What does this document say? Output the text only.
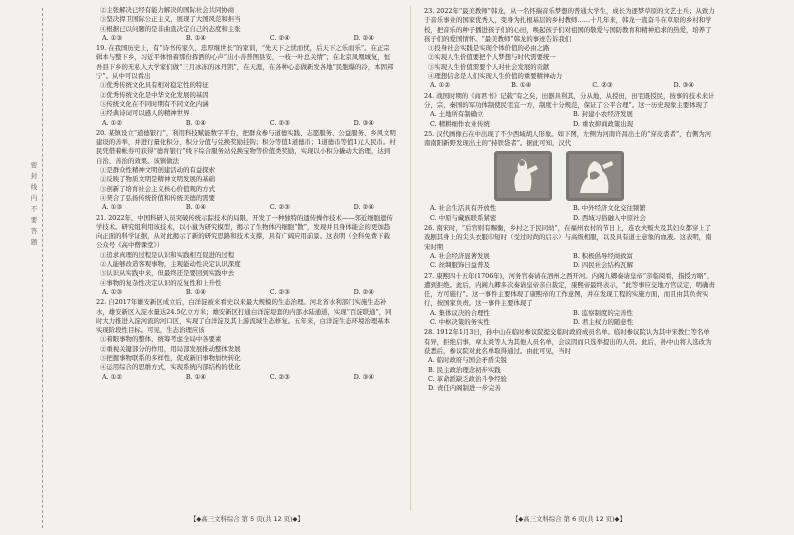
密
封
线
内
不
要
答
题

②主张解决已经有能力解决的国际社会共同协商

③坚决捍卫国际公正主义，展现了大国风范和担当

④根据已以问题的是非曲直决定自己的态度和主张

A. ①③	B. ①④	C. ②④	D. ②④

19. 在我国历史上，有“诗书传家久，忠厚继世长”的家训，“先天下之忧而忧，后天下之乐而乐”。在正宗辑本与整下乡，习近平体悟着那份挥洒的心声“出小善普图县安，一枝一叶总关情”；在北京凤凰城复，恒吾县下乡的无私人大学家们做“三月冰冻的冰丹凯”，在天涯，在各种心态做新发各地“民胞爆的冷，本固邦宁”。从中可以看出

①优秀传统文化具有相对稳定性的特征

②优秀传统文化是中华文化发展的基因

③传统文化在不同时期有不同文化内涵

④经典诗词可以感人的精神世界

A. ①②	B. ①④	C. ②③	D. ③④

20. 某镇设立“道德银行”，利用科技赋能数字平台，把群众参与道德实践、志愿服务、公益服务、乡风文明建设的善举，并进行量化积分，积分分值与兑换奖励挂钩；积分等值1道德币；1道德币等值1元人民币。村民凭借着帐券可获得“德育银行”线下综合服务站兑换宝物等价值类奖励，实现以小积分撬动大治理，达到自治、善治的效果。该镇做法

①是群众性精神文明创建活动的有益探索

②反映了物质文明是精神文明发展的基础

③创新了培育社会主义核心价值观的方式

④契合了弘扬传统价值和传统美德的需要

A. ①③	B. ①④	C. ②③	D. ②④

21. 2022年，中国科研人员突破传统示踪技术的局限，开发了一种独特的遗传操作技术——邻近细胞遗传学技术。研究组利用该技术，以小鼠为研究模型，揭示了生物体内细胞“散”，发现并且身体能会的更加趋向正面的科学证据，从对此揭示了新的研究思路和技术支撑，具有广阔应用前景。这表明（全科免费下载公众号《高中僧课堂》）

①追求真理的过程是认识和实践相互促进的过程

②人能够改造客观事物，主观能动性决定认识深度

③认识从实践中来，但最终还是要回到实践中去

④事物的复杂性决定认识的反复性和上升性

A. ①③	B. ①④	C. ②③	D. ②④

22. 自2017年雄安新区成立后，白洋淀被来看史以来最大规模的生态治理。河北省水利部门实施生态补水，雄安新区入淀水量达24.5亿立方米；雄安新区打通白洋淀堤套的内部水陆通道，实现“百淀联通”，同时大力推进入淀河流的河口区，实现了白洋淀及其上游流域生态修复。五年来，白洋淀生态环境治理基本实现阶段性目标。可见，生态治理应该

①着眼事物的整体，统筹考虑全局中各要素

②重视关键部分的作用，用局部发展推动整体发展

③把握事物联系的多样性，促成新旧事物加快转化

④运用综合的思维方式，实现系统内部结构的优化

A. ①②	B. ①④	C. ②③	D. ③④
【◆高三文科综合 第 5 页(共 12 页)◆】

23. 2022年“最美教师”韩龙，从一名怀揣音乐梦想的普通大学生，成长为逐梦草原的文艺士兵；从致力于音乐事业的国家优秀人，变身为扎根基层的乡村教师……十几年来，韩龙一直奋斗在草原的乡村和学校，把音乐的种子播进孩子们的心田，唤起孩子们对祖国的敬爱与国防教育和精神追求的热爱，培养了孩子们的爱国情怀。“最美教师”韩龙的事迹告诉我们

①投身社会实践是实现个体价值的必由之路

②实现人生价值要把个人梦想与时代需要统一

③实现人生价值需要个人对社会发展的贡献

④理想信念是人们实现人生价值的重要精神动力

A. ①②	B. ①④	C. ②③	D. ③④

24. 战国时期的《商君书》记载“有之矣，田器具利其，分从地，从授田，田宅既授民，按事的技术来计分，宗，秦国的军功体制使民宅宜一方，制度十分规范，保证了公平合理”。这一历史现象主要体现了

A. 土地所有制确立	B. 封建小农经济发展
C. 精耕细作农业传统	D. 重农抑商政策出现

25. 汉代画像石在中出现了不少西域胡人形象。如下图，左侧为河南许昌出土的“穿皮裘者”，右侧为河南南阳新野发现出土的“持铁袋者”。据此可知，汉代

A. 社会生活具有开放性	B. 中外经济文化交往频繁
C. 中原与藏族联系紧密	D. 西域习俗融入中原社会

26. 南宋时，“后官则有赐衡，乡村之于民同幼”，在福州农村的节日上，连农夫贩夫及其妇女都穿上了戏剧其身上的尖头衣服巾短时（受过时尚的启示）与高级相服，以及具有道士意象的血液。这表明，南宋时期

A. 社会经济显著发展	B. 积极倡导经商致富
C. 丝绸服饰日益普及	D. 四民社会结构瓦解

27. 康熙四十五年(1706年)，河务官奏请在泗州之西开河。内阁九卿奏请皇帝“亲临阅看，指授方略”，遭到拒绝。此后，内阁九卿多次奏请皇帝亲自裁定，康熙帝最终表示，“此等事应交地方官议定，明确责任，方可施行”。这一事件主要体现了康熙帝的工作意图，并在发现工程的实施方面，而且由其负责实行，按国家负责。这一事件主要体现了

A. 集体议决的合理性	B. 监察制度的完善性
C. 中枢决策的务实性	D. 君主权力的随意性

28. 1912年1月3日，孙中山在临时参议院提交临时政府成员名单。临时参议院认为其中宋教仁等名单有异，拒绝启事，章太炎等人为其他人员名单，会议因而只选举提出的人员。此后，孙中山将人选改为获悉后，参议院对此名单取得通过。由此可见，当时

A. 临时政府与国会矛盾尖锐

B. 民主政治理念初步实践

C. 革命派缺乏政治斗争经验

D. 责任内阁制进一步完善

【◆高三文科综合 第 6 页(共 12 页)◆】
